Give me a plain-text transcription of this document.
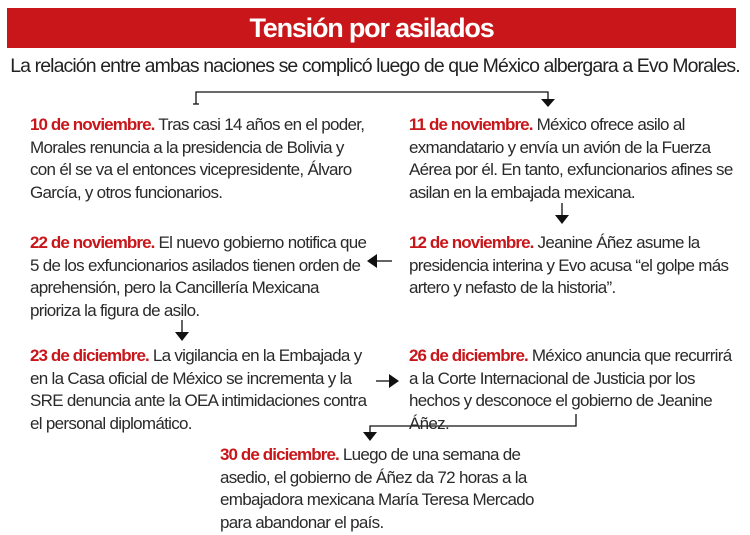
Tensión por asilados
La relación entre ambas naciones se complicó luego de que México albergara a Evo Morales.
10 de noviembre. Tras casi 14 años en el poder, Morales renuncia a la presidencia de Bolivia y con él se va el entonces vicepresidente, Álvaro García, y otros funcionarios.
11 de noviembre. México ofrece asilo al exmandatario y envía un avión de la Fuerza Aérea por él. En tanto, exfuncionarios afines se asilan en la embajada mexicana.
12 de noviembre. Jeanine Áñez asume la presidencia interina y Evo acusa “el golpe más artero y nefasto de la historia”.
22 de noviembre. El nuevo gobierno notifica que 5 de los exfuncionarios asilados tienen orden de aprehensión, pero la Cancillería Mexicana prioriza la figura de asilo.
23 de diciembre. La vigilancia en la Embajada y en la Casa oficial de México se incrementa y la SRE denuncia ante la OEA intimidaciones contra el personal diplomático.
26 de diciembre. México anuncia que recurrirá a la Corte Internacional de Justicia por los hechos y desconoce el gobierno de Jeanine Áñez.
30 de diciembre. Luego de una semana de asedio, el gobierno de Áñez da 72 horas a la embajadora mexicana María Teresa Mercado para abandonar el país.
